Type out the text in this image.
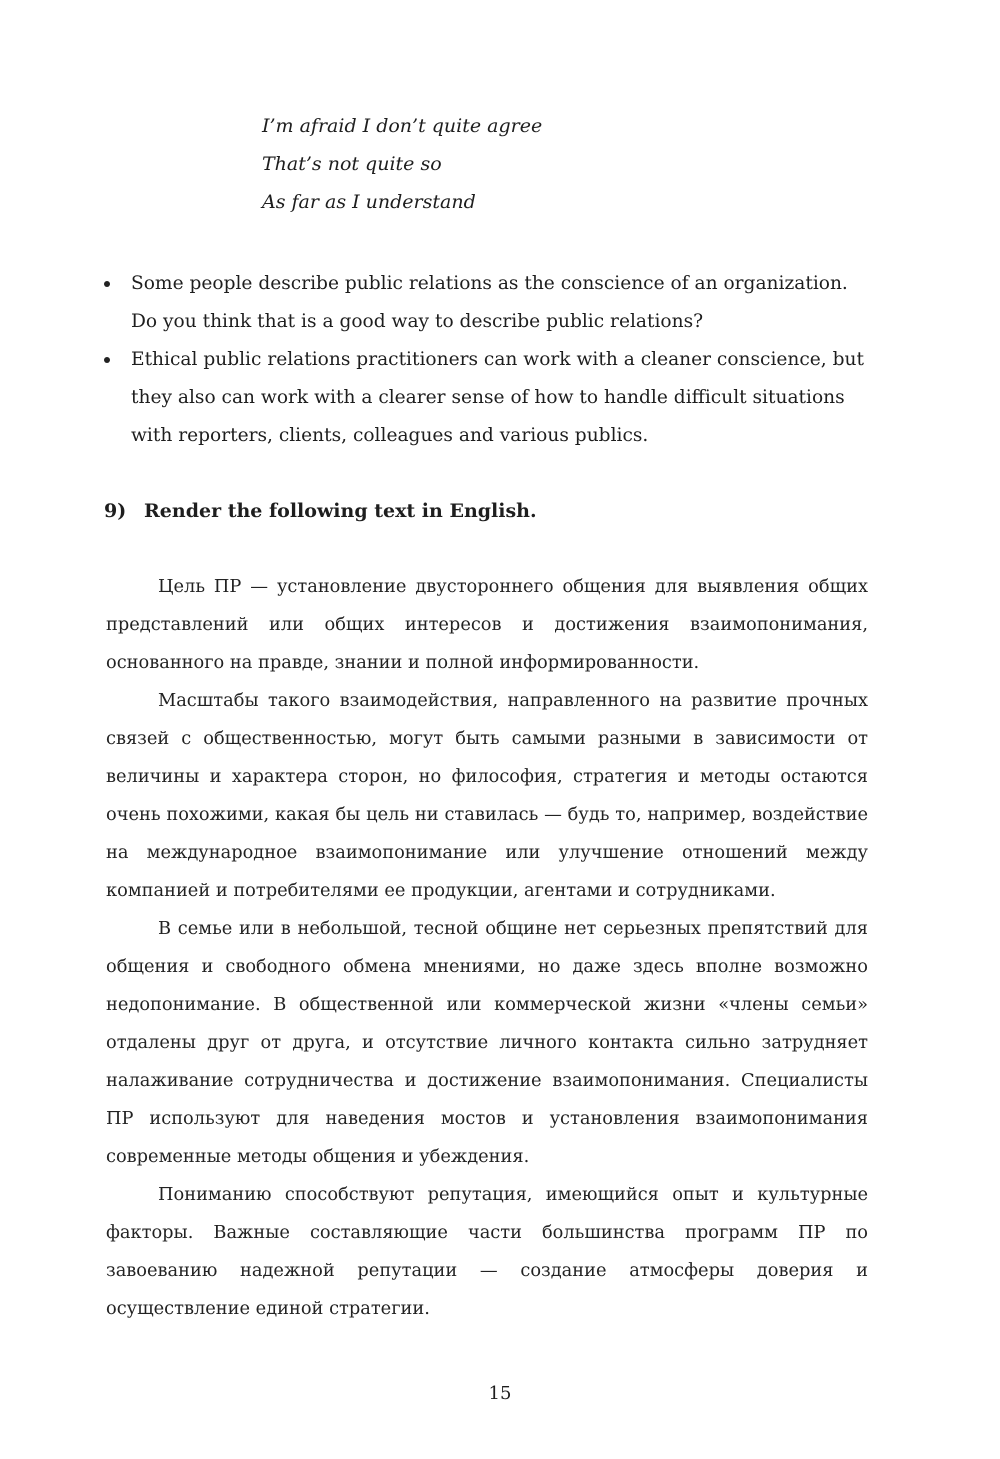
I’m afraid I don’t quite agree
That’s not quite so
As far as I understand
Some people describe public relations as the conscience of an organization. Do you think that is a good way to describe public relations?
Ethical public relations practitioners can work with a cleaner conscience, but they also can work with a clearer sense of how to handle difficult situations with reporters, clients, colleagues and various publics.
9) Render the following text in English.

Цель ПР — установление двустороннего общения для выявления общих представлений или общих интересов и достижения взаимопонимания, основанного на правде, знании и полной информированности.

Масштабы такого взаимодействия, направленного на развитие прочных связей с общественностью, могут быть самыми разными в зависимости от величины и характера сторон, но философия, стратегия и методы остаются очень похожими, какая бы цель ни ставилась — будь то, например, воздействие на международное взаимопонимание или улучшение отношений между компанией и потребителями ее продукции, агентами и сотрудниками.

В семье или в небольшой, тесной общине нет серьезных препятствий для общения и свободного обмена мнениями, но даже здесь вполне возможно недопонимание. В общественной или коммерческой жизни «члены семьи» отдалены друг от друга, и отсутствие личного контакта сильно затрудняет налаживание сотрудничества и достижение взаимопонимания. Специалисты ПР используют для наведения мостов и установления взаимопонимания современные методы общения и убеждения.

Пониманию способствуют репутация, имеющийся опыт и культурные факторы. Важные составляющие части большинства программ ПР по завоеванию надежной репутации — создание атмосферы доверия и осуществление единой стратегии.

15
